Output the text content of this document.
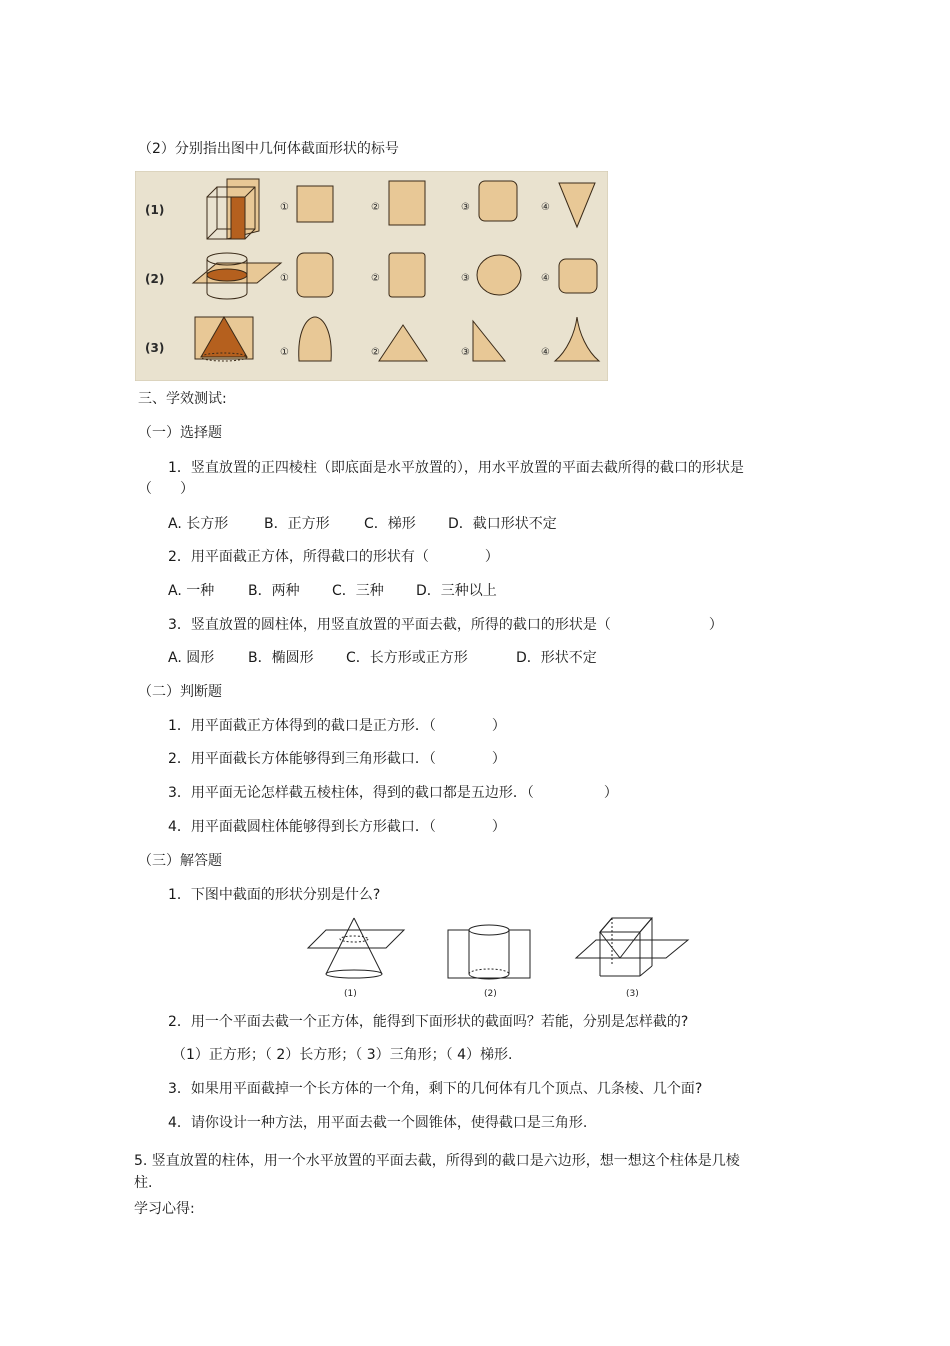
（2）分别指出图中几何体截面形状的标号
(1)
(2)
(3)
①	②	③	④
①	②	③	④
①	②	③	④
三、学效测试:
（一）选择题
1．竖直放置的正四棱柱（即底面是水平放置的），用水平放置的平面去截所得的截口的形状是
（　　）
A. 长方形	B．正方形 C．梯形 D．截口形状不定
2．用平面截正方体，所得截口的形状有（　　　　）
A. 一种 B．两种 C．三种 D．三种以上
3．竖直放置的圆柱体，用竖直放置的平面去截，所得的截口的形状是（　　　　　　　）
A. 圆形 B．椭圆形 C．长方形或正方形	D．形状不定
（二）判断题
1．用平面截正方体得到的截口是正方形．（　　　　）
2．用平面截长方体能够得到三角形截口．（　　　　）
3．用平面无论怎样截五棱柱体，得到的截口都是五边形．（　　　　　）
4．用平面截圆柱体能够得到长方形截口．（　　　　）
（三）解答题
1．下图中截面的形状分别是什么?
(1)	(2)	(3)
2．用一个平面去截一个正方体，能得到下面形状的截面吗？若能，分别是怎样截的?
（1）正方形；（ 2）长方形；（ 3）三角形；（ 4）梯形.
3．如果用平面截掉一个长方体的一个角，剩下的几何体有几个顶点、几条棱、几个面?
4．请你设计一种方法，用平面去截一个圆锥体，使得截口是三角形.
5. 竖直放置的柱体，用一个水平放置的平面去截，所得到的截口是六边形，想一想这个柱体是几棱
柱.
学习心得:
